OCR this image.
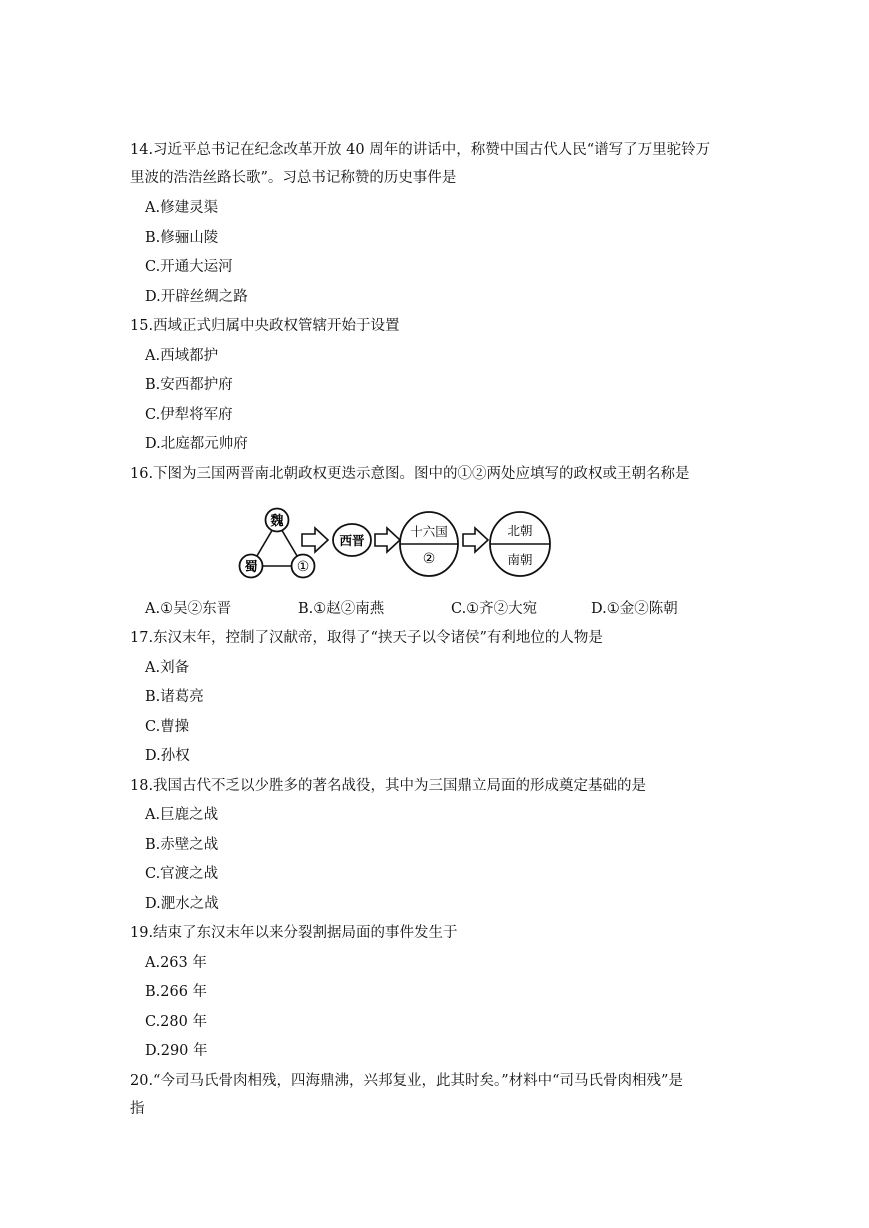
14.习近平总书记在纪念改革开放 40 周年的讲话中，称赞中国古代人民“谱写了万里驼铃万
里波的浩浩丝路长歌”。习总书记称赞的历史事件是
A.修建灵渠
B.修骊山陵
C.开通大运河
D.开辟丝绸之路
15.西域正式归属中央政权管辖开始于设置
A.西域都护
B.安西都护府
C.伊犁将军府
D.北庭都元帅府
16.下图为三国两晋南北朝政权更迭示意图。图中的①②两处应填写的政权或王朝名称是
魏
蜀	①
西晋
十六国
②
北朝
南朝
A.①吴②东晋	B.①赵②南燕	C.①齐②大宛	D.①金②陈朝
17.东汉末年，控制了汉献帝，取得了“挟天子以令诸侯”有利地位的人物是
A.刘备
B.诸葛亮
C.曹操
D.孙权
18.我国古代不乏以少胜多的著名战役，其中为三国鼎立局面的形成奠定基础的是
A.巨鹿之战
B.赤壁之战
C.官渡之战
D.淝水之战
19.结束了东汉末年以来分裂割据局面的事件发生于
A.263 年
B.266 年
C.280 年
D.290 年
20.“今司马氏骨肉相残，四海鼎沸，兴邦复业，此其时矣。”材料中“司马氏骨肉相残”是
指
